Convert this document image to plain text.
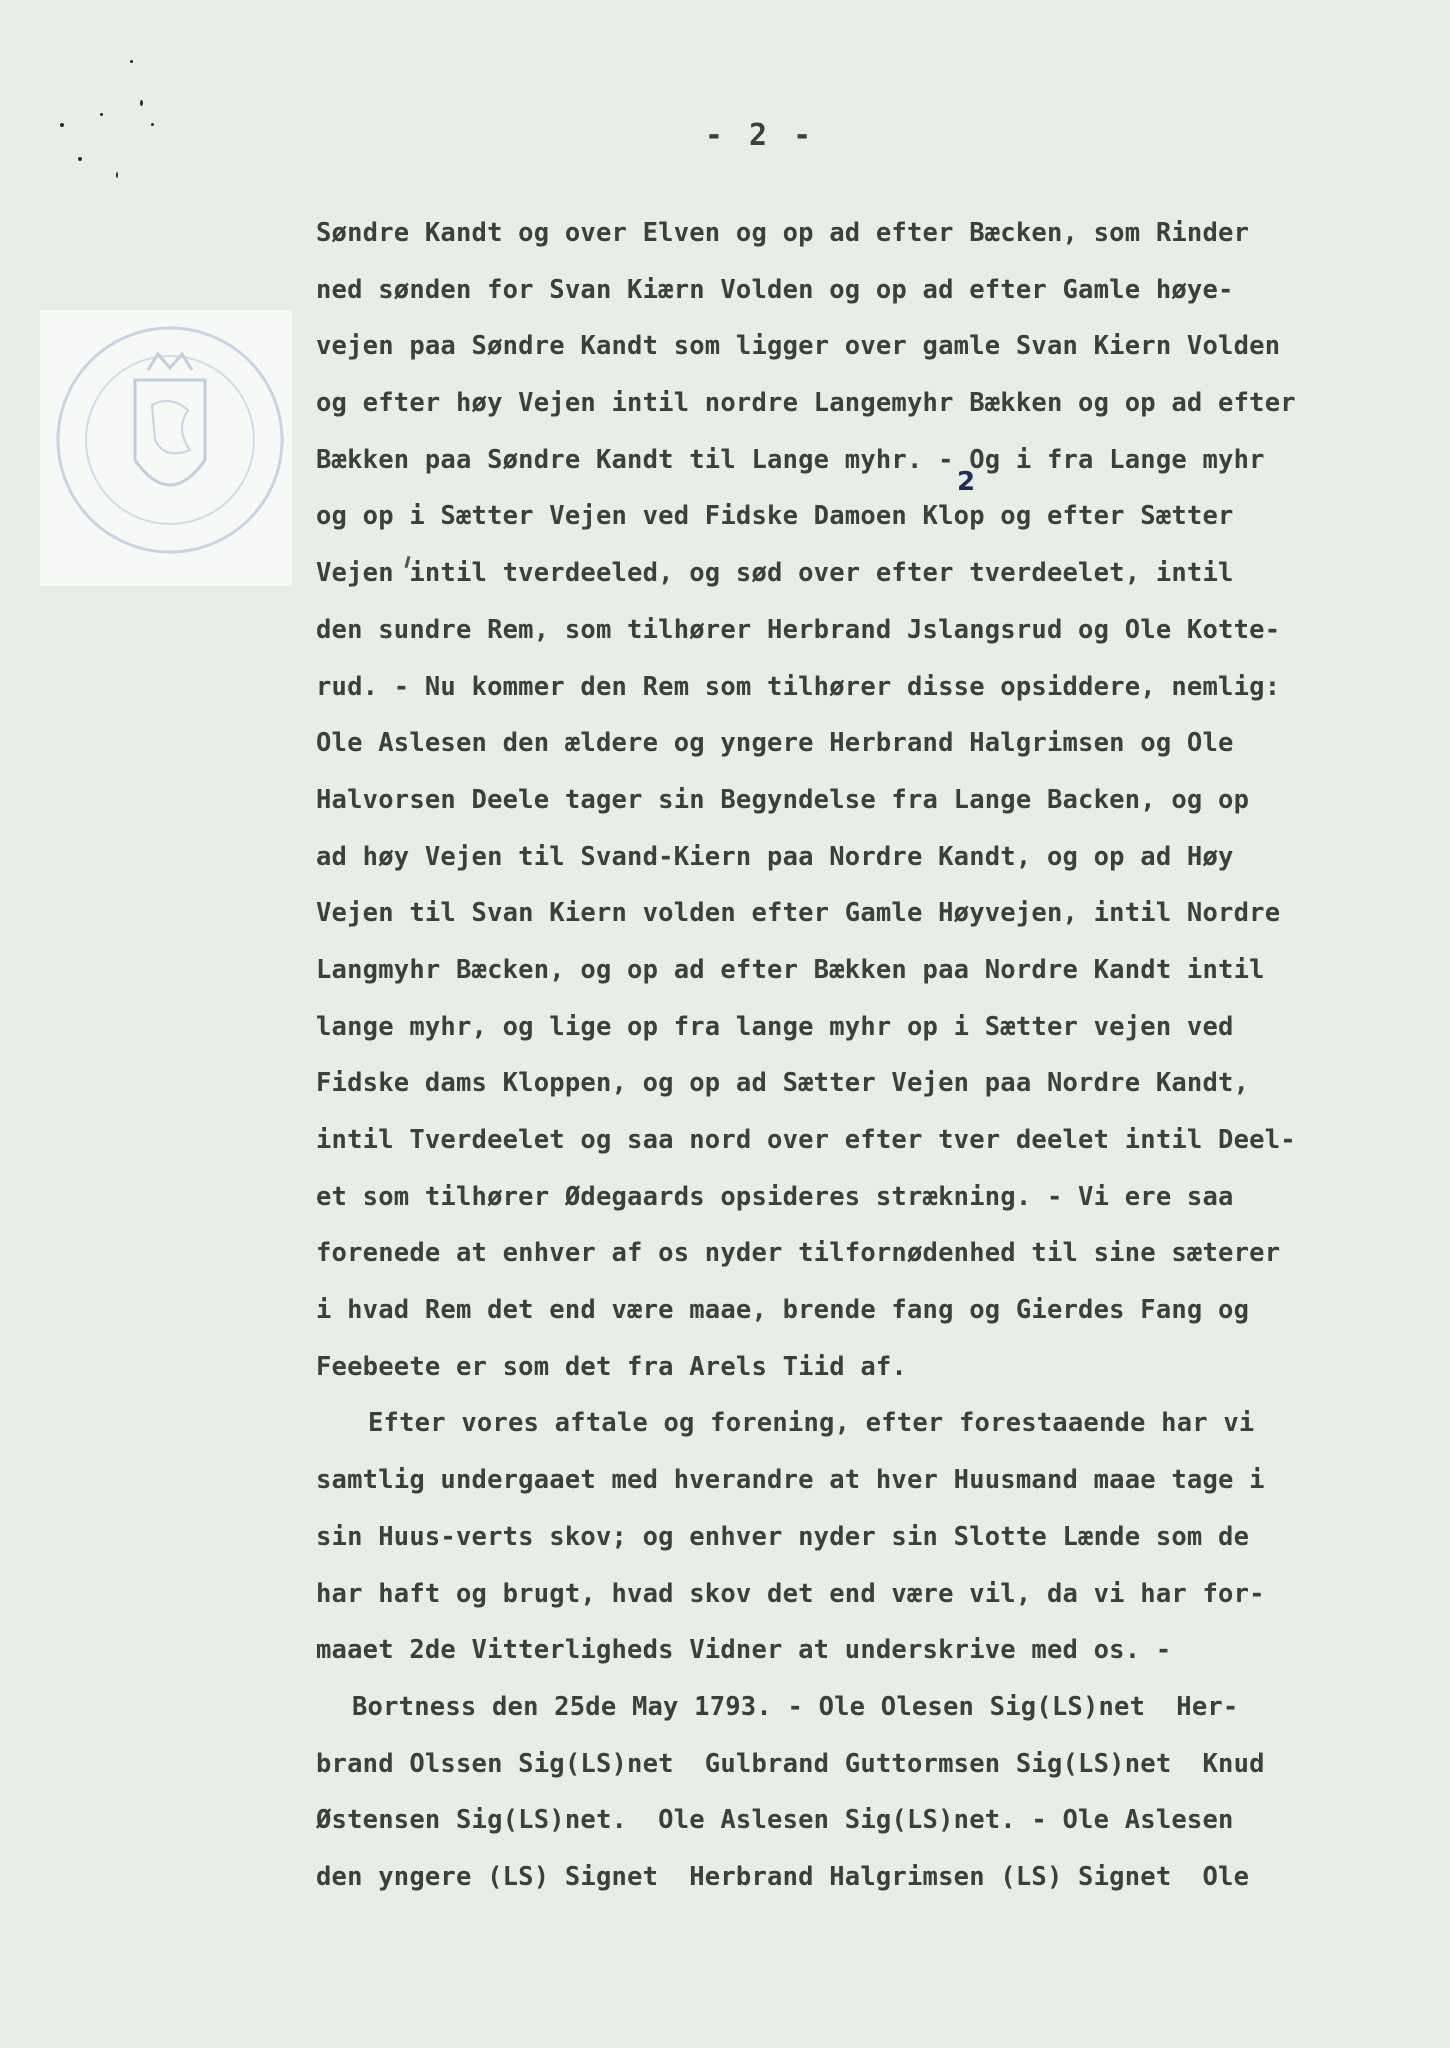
- 2 -
2
Søndre Kandt og over Elven og op ad efter Bæcken, som Rinder
ned sønden for Svan Kiærn Volden og op ad efter Gamle høye-
vejen paa Søndre Kandt som ligger over gamle Svan Kiern Volden
og efter høy Vejen intil nordre Langemyhr Bækken og op ad efter
Bækken paa Søndre Kandt til Lange myhr. - Og i fra Lange myhr
og op i Sætter Vejen ved Fidske Damoen Klop og efter Sætter
Vejen intil tverdeeled, og sød over efter tverdeelet, intil
den sundre Rem, som tilhører Herbrand Jslangsrud og Ole Kotte-
rud. - Nu kommer den Rem som tilhører disse opsiddere, nemlig:
Ole Aslesen den ældere og yngere Herbrand Halgrimsen og Ole
Halvorsen Deele tager sin Begyndelse fra Lange Backen, og op
ad høy Vejen til Svand-Kiern paa Nordre Kandt, og op ad Høy
Vejen til Svan Kiern volden efter Gamle Høyvejen, intil Nordre
Langmyhr Bæcken, og op ad efter Bækken paa Nordre Kandt intil
lange myhr, og lige op fra lange myhr op i Sætter vejen ved
Fidske dams Kloppen, og op ad Sætter Vejen paa Nordre Kandt,
intil Tverdeelet og saa nord over efter tver deelet intil Deel-
et som tilhører Ødegaards opsideres strækning. - Vi ere saa
forenede at enhver af os nyder tilfornødenhed til sine sæterer
i hvad Rem det end være maae, brende fang og Gierdes Fang og
Feebeete er som det fra Arels Tiid af.
Efter vores aftale og forening, efter forestaaende har vi
samtlig undergaaet med hverandre at hver Huusmand maae tage i
sin Huus-verts skov; og enhver nyder sin Slotte Lænde som de
har haft og brugt, hvad skov det end være vil, da vi har for-
maaet 2de Vitterligheds Vidner at underskrive med os. -
Bortness den 25de May 1793. - Ole Olesen Sig(LS)net  Her-
brand Olssen Sig(LS)net  Gulbrand Guttormsen Sig(LS)net  Knud
Østensen Sig(LS)net.  Ole Aslesen Sig(LS)net. - Ole Aslesen
den yngere (LS) Signet  Herbrand Halgrimsen (LS) Signet  Ole
